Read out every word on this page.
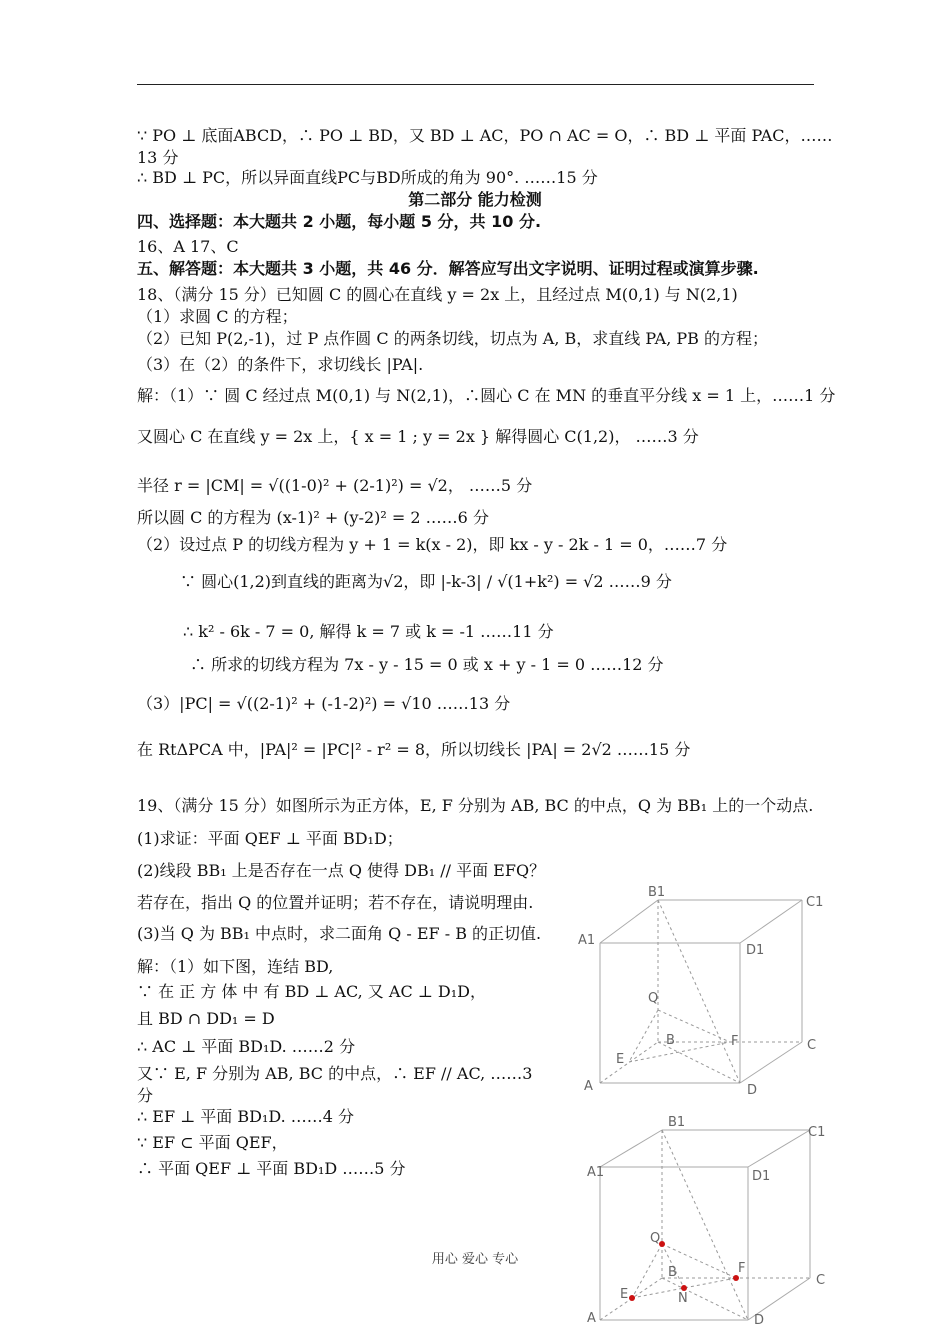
∵ PO ⊥ 底面ABCD，∴ PO ⊥ BD，又 BD ⊥ AC，PO ∩ AC = O，∴ BD ⊥ 平面 PAC，……
13 分
∴ BD ⊥ PC，所以异面直线PC与BD所成的角为 90°. ……15 分
第二部分 能力检测
四、选择题：本大题共 2 小题，每小题 5 分，共 10 分.
16、A 17、C
五、解答题：本大题共 3 小题，共 46 分．解答应写出文字说明、证明过程或演算步骤.
18、（满分 15 分）已知圆 C 的圆心在直线 y = 2x 上，且经过点 M(0,1) 与 N(2,1)
（1）求圆 C 的方程；
（2）已知 P(2,-1)，过 P 点作圆 C 的两条切线，切点为 A, B，求直线 PA, PB 的方程；
（3）在（2）的条件下，求切线长 |PA|.
解：（1）∵ 圆 C 经过点 M(0,1) 与 N(2,1)，∴圆心 C 在 MN 的垂直平分线 x = 1 上，……1 分
又圆心 C 在直线 y = 2x 上，{ x = 1 ; y = 2x } 解得圆心 C(1,2)， ……3 分
半径 r = |CM| = √((1-0)² + (2-1)²) = √2， ……5 分
所以圆 C 的方程为 (x-1)² + (y-2)² = 2 ……6 分
（2）设过点 P 的切线方程为 y + 1 = k(x - 2)，即 kx - y - 2k - 1 = 0，……7 分
∵ 圆心(1,2)到直线的距离为√2，即 |-k-3| / √(1+k²) = √2 ……9 分
∴ k² - 6k - 7 = 0, 解得 k = 7 或 k = -1 ……11 分
∴ 所求的切线方程为 7x - y - 15 = 0 或 x + y - 1 = 0 ……12 分
（3）|PC| = √((2-1)² + (-1-2)²) = √10 ……13 分
在 RtΔPCA 中，|PA|² = |PC|² - r² = 8，所以切线长 |PA| = 2√2 ……15 分
19、（满分 15 分）如图所示为正方体，E, F 分别为 AB, BC 的中点，Q 为 BB₁ 上的一个动点.
(1)求证：平面 QEF ⊥ 平面 BD₁D；
(2)线段 BB₁ 上是否存在一点 Q 使得 DB₁ // 平面 EFQ？
若存在，指出 Q 的位置并证明；若不存在，请说明理由.
(3)当 Q 为 BB₁ 中点时，求二面角 Q - EF - B 的正切值.
解：（1）如下图，连结 BD,
∵ 在 正 方 体 中 有 BD ⊥ AC, 又 AC ⊥ D₁D，
且 BD ∩ DD₁ = D
∴ AC ⊥ 平面 BD₁D. ……2 分
又∵ E, F 分别为 AB, BC 的中点，∴ EF // AC, ……3
分
∴ EF ⊥ 平面 BD₁D. ……4 分
∵ EF ⊂ 平面 QEF，
∴ 平面 QEF ⊥ 平面 BD₁D ……5 分
B1
C1
A1
D1
Q
B	F	C
E
A	D
B1
C1
A1	D1
Q
B	F
C
E	N
A	D
用心 爱心 专心
